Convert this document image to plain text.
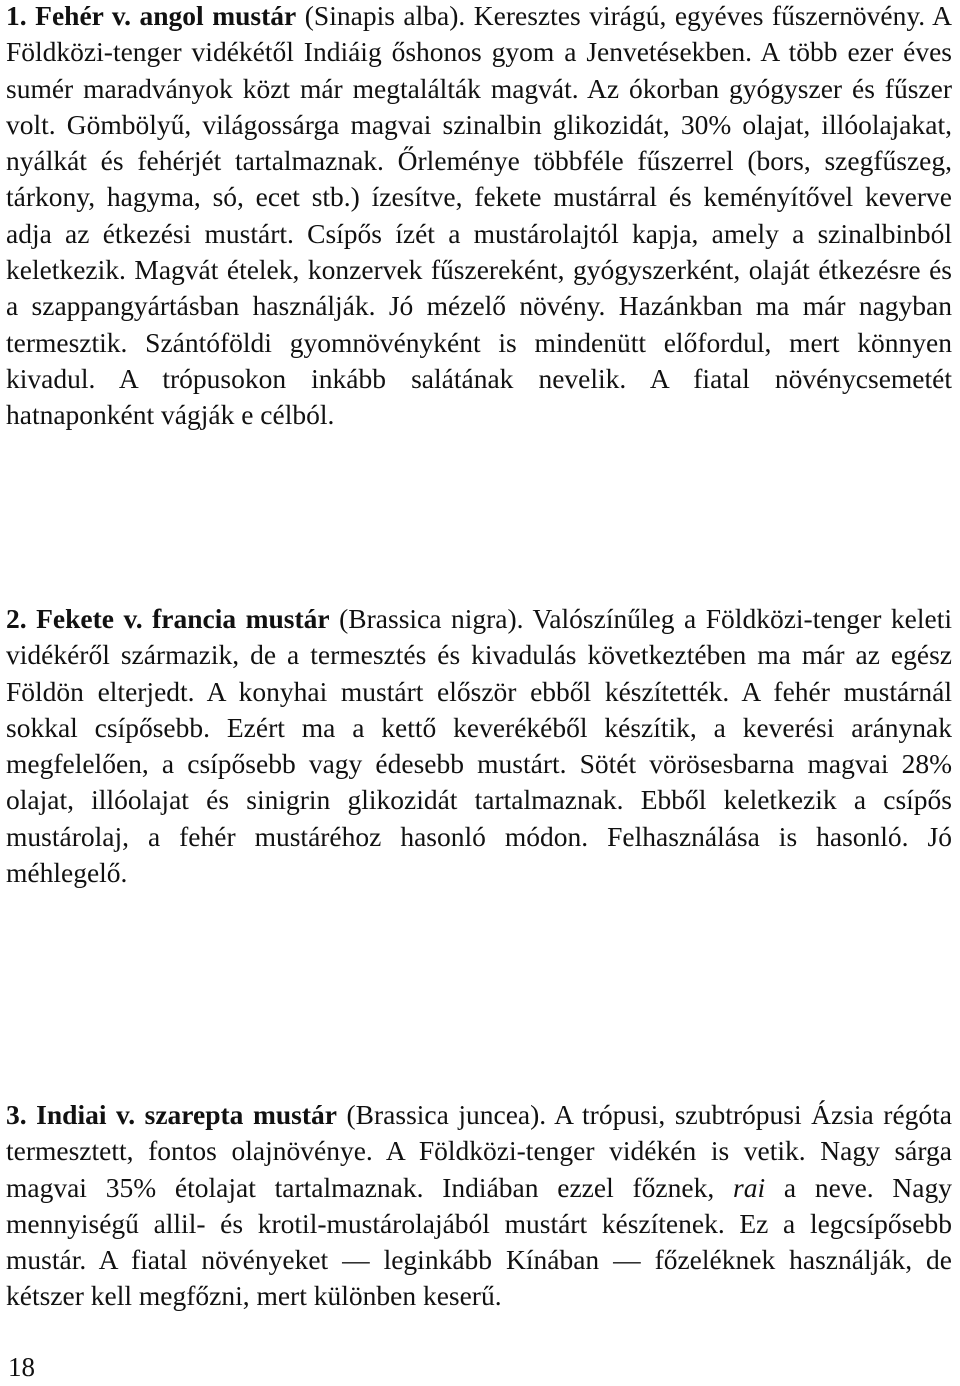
1. Fehér v. angol mustár (Sinapis alba). Keresztes virágú, egyéves fűszernövény. A Földközi-tenger vidékétől Indiáig őshonos gyom a Jenvetésekben. A több ezer éves sumér maradványok közt már megtalálták magvát. Az ókorban gyógyszer és fűszer volt. Gömbölyű, világossárga magvai szinalbin glikozidát, 30% olajat, illóolajakat, nyálkát és fehérjét tartalmaznak. Őrleménye többféle fűszerrel (bors, szegfűszeg, tárkony, hagyma, só, ecet stb.) ízesítve, fekete mustárral és keményítővel keverve adja az étkezési mustárt. Csípős ízét a mustárolajtól kapja, amely a szinalbinból keletkezik. Magvát ételek, konzervek fűszereként, gyógyszerként, olaját étkezésre és a szappangyártásban használják. Jó mézelő növény. Hazánkban ma már nagyban termesztik. Szántóföldi gyomnövényként is mindenütt előfordul, mert könnyen kivadul. A trópusokon inkább salátának nevelik. A fiatal növénycsemetét hatnaponként vágják e célból.

2. Fekete v. francia mustár (Brassica nigra). Valószínűleg a Földközi-tenger keleti vidékéről származik, de a termesztés és kivadulás következtében ma már az egész Földön elterjedt. A konyhai mustárt először ebből készítették. A fehér mustárnál sokkal csípősebb. Ezért ma a kettő keverékéből készítik, a keverési aránynak megfelelően, a csípősebb vagy édesebb mustárt. Sötét vörösesbarna magvai 28% olajat, illóolajat és sinigrin glikozidát tartalmaznak. Ebből keletkezik a csípős mustárolaj, a fehér mustáréhoz hasonló módon. Felhasználása is hasonló. Jó méhlegelő.

3. Indiai v. szarepta mustár (Brassica juncea). A trópusi, szubtrópusi Ázsia régóta termesztett, fontos olajnövénye. A Földközi-tenger vidékén is vetik. Nagy sárga magvai 35% étolajat tartalmaznak. Indiában ezzel főznek, rai a neve. Nagy mennyiségű allil- és krotil-mustárolajából mustárt készítenek. Ez a legcsípősebb mustár. A fiatal növényeket — leginkább Kínában — főzeléknek használják, de kétszer kell megfőzni, mert különben keserű.

18
